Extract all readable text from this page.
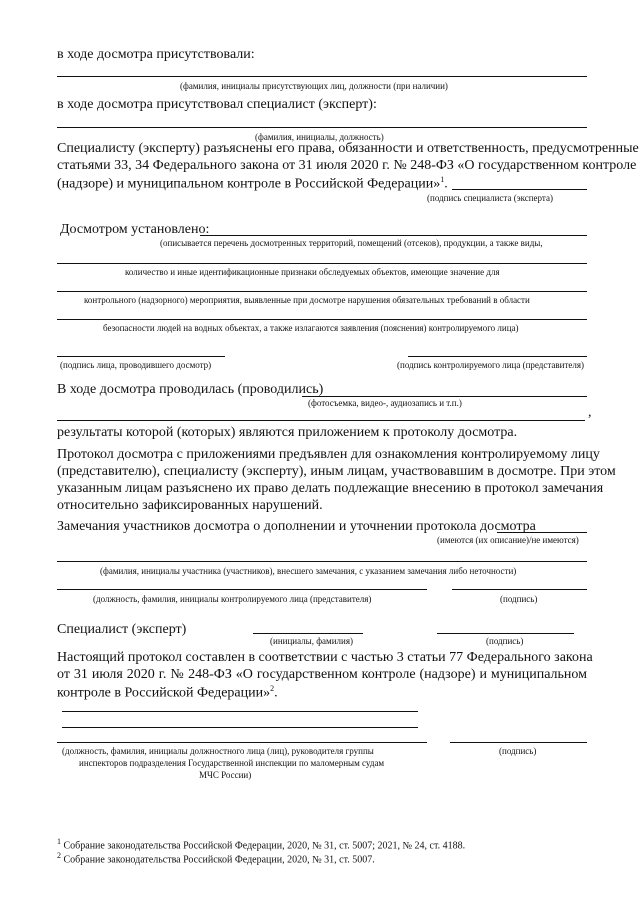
в ходе досмотра присутствовали:
(фамилия, инициалы присутствующих лиц, должности (при наличии)
в ходе досмотра присутствовал специалист (эксперт):
(фамилия, инициалы, должность)
Специалисту (эксперту) разъяснены его права, обязанности и ответственность, предусмотренные
статьями 33, 34 Федерального закона от 31 июля 2020 г. № 248-ФЗ «О государственном контроле
(надзоре) и муниципальном контроле в Российской Федерации»$^1$.
(подпись специалиста (эксперта)
Досмотром установлено:
(описывается перечень досмотренных территорий, помещений (отсеков), продукции, а также виды,
количество и иные идентификационные признаки обследуемых объектов, имеющие значение для
контрольного (надзорного) мероприятия, выявленные при досмотре нарушения обязательных требований в области
безопасности людей на водных объектах, а также излагаются заявления (пояснения) контролируемого лица)
(подпись лица, проводившего досмотр)	(подпись контролируемого лица (представителя)
В ходе досмотра проводилась (проводились)
(фотосъемка, видео-, аудиозапись и т.п.)
,
результаты которой (которых) являются приложением к протоколу досмотра.
Протокол досмотра с приложениями предъявлен для ознакомления контролируемому лицу
(представителю), специалисту (эксперту), иным лицам, участвовавшим в досмотре. При этом
указанным лицам разъяснено их право делать подлежащие внесению в протокол замечания
относительно зафиксированных нарушений.
Замечания участников досмотра о дополнении и уточнении протокола досмотра
(имеются (их описание)/не имеются)
(фамилия, инициалы участника (участников), внесшего замечания, с указанием замечания либо неточности)
(должность, фамилия, инициалы контролируемого лица (представителя)	(подпись)
Специалист (эксперт)
(инициалы, фамилия)	(подпись)
Настоящий протокол составлен в соответствии с частью 3 статьи 77 Федерального закона
от 31 июля 2020 г. № 248-ФЗ «О государственном контроле (надзоре) и муниципальном
контроле в Российской Федерации»$^2$.
(должность, фамилия, инициалы должностного лица (лиц), руководителя группы
инспекторов подразделения Государственной инспекции по маломерным судам
МЧС России)
(подпись)
$^1$ Собрание законодательства Российской Федерации, 2020, № 31, ст. 5007; 2021, № 24, ст. 4188.
$^2$ Собрание законодательства Российской Федерации, 2020, № 31, ст. 5007.
